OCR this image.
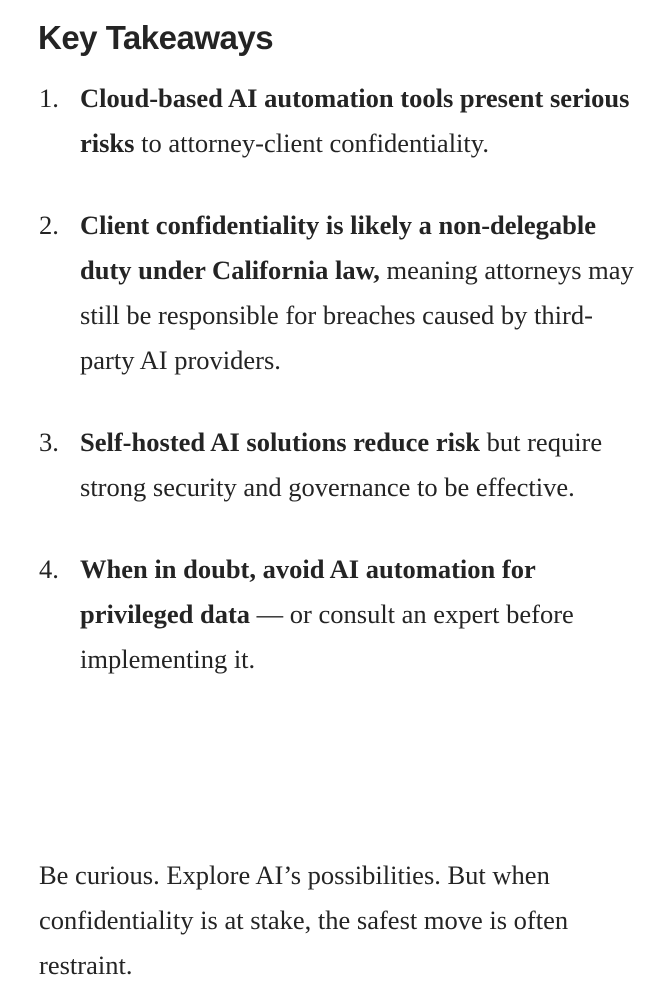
Key Takeaways
1. Cloud-based AI automation tools present serious risks to attorney-client confidentiality.
2. Client confidentiality is likely a non-delegable duty under California law, meaning attorneys may still be responsible for breaches caused by third-party AI providers.
3. Self-hosted AI solutions reduce risk but require strong security and governance to be effective.
4. When in doubt, avoid AI automation for privileged data — or consult an expert before implementing it.

Be curious. Explore AI’s possibilities. But when confidentiality is at stake, the safest move is often restraint.
